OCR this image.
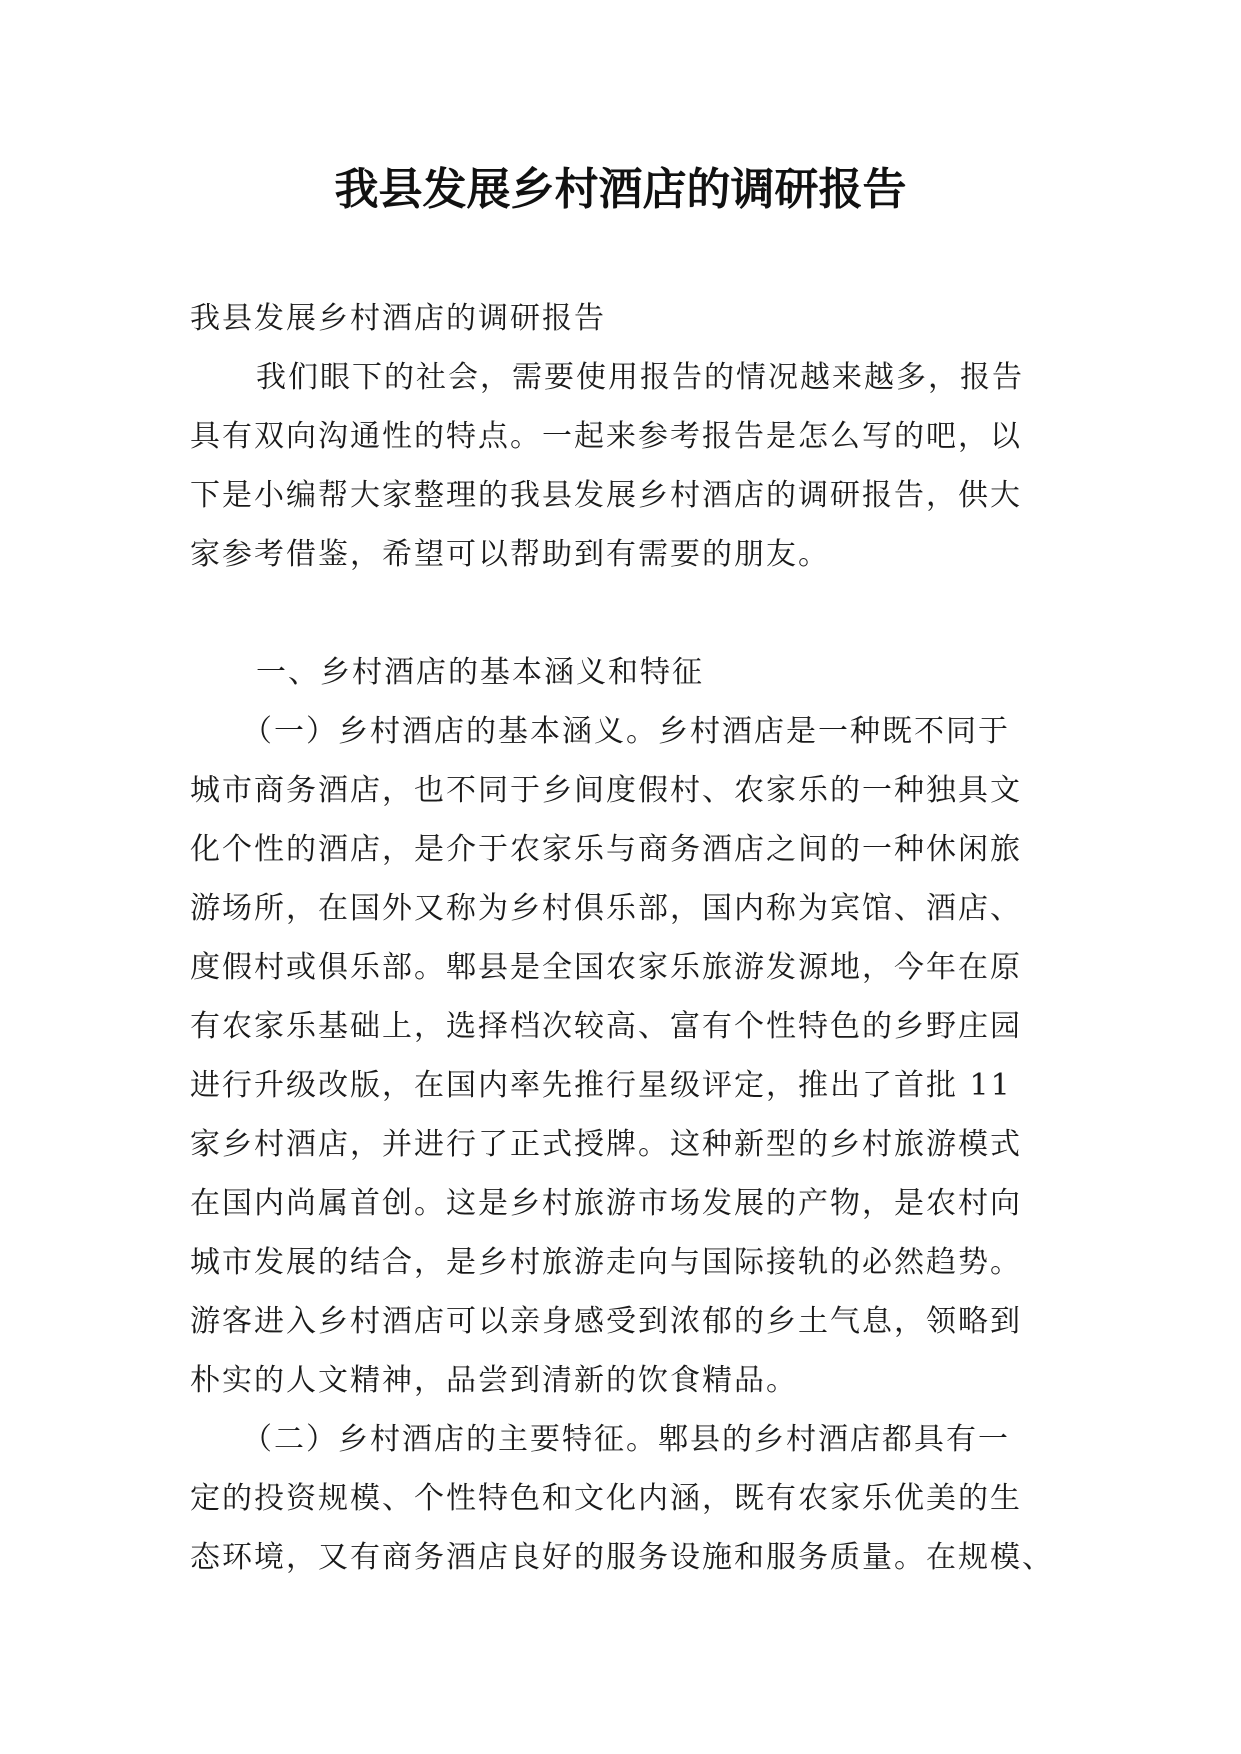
我县发展乡村酒店的调研报告
我县发展乡村酒店的调研报告
我们眼下的社会，需要使用报告的情况越来越多，报告
具有双向沟通性的特点。一起来参考报告是怎么写的吧，以
下是小编帮大家整理的我县发展乡村酒店的调研报告，供大
家参考借鉴，希望可以帮助到有需要的朋友。
一、乡村酒店的基本涵义和特征
（一）乡村酒店的基本涵义。乡村酒店是一种既不同于
城市商务酒店，也不同于乡间度假村、农家乐的一种独具文
化个性的酒店，是介于农家乐与商务酒店之间的一种休闲旅
游场所，在国外又称为乡村俱乐部，国内称为宾馆、酒店、
度假村或俱乐部。郫县是全国农家乐旅游发源地，今年在原
有农家乐基础上，选择档次较高、富有个性特色的乡野庄园
进行升级改版，在国内率先推行星级评定，推出了首批 11
家乡村酒店，并进行了正式授牌。这种新型的乡村旅游模式
在国内尚属首创。这是乡村旅游市场发展的产物，是农村向
城市发展的结合，是乡村旅游走向与国际接轨的必然趋势。
游客进入乡村酒店可以亲身感受到浓郁的乡土气息，领略到
朴实的人文精神，品尝到清新的饮食精品。
（二）乡村酒店的主要特征。郫县的乡村酒店都具有一
定的投资规模、个性特色和文化内涵，既有农家乐优美的生
态环境，又有商务酒店良好的服务设施和服务质量。在规模、
